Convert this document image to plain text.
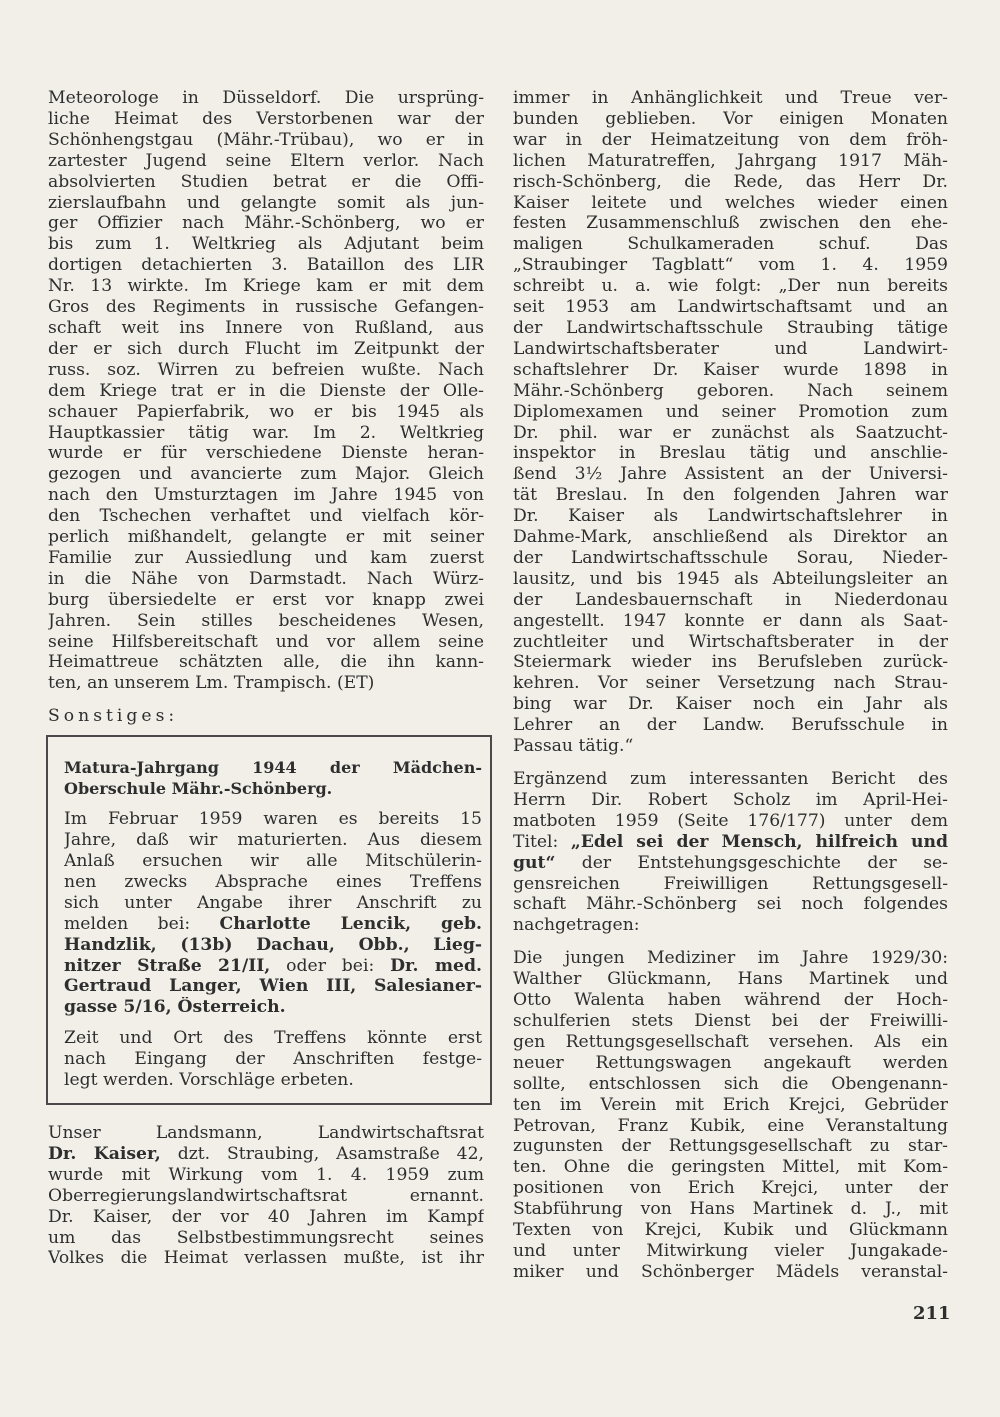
Meteorologe in Düsseldorf. Die ursprüng-
liche Heimat des Verstorbenen war der
Schönhengstgau (Mähr.-Trübau), wo er in
zartester Jugend seine Eltern verlor. Nach
absolvierten Studien betrat er die Offi-
zierslaufbahn und gelangte somit als jun-
ger Offizier nach Mähr.-Schönberg, wo er
bis zum 1. Weltkrieg als Adjutant beim
dortigen detachierten 3. Bataillon des LIR
Nr. 13 wirkte. Im Kriege kam er mit dem
Gros des Regiments in russische Gefangen-
schaft weit ins Innere von Rußland, aus
der er sich durch Flucht im Zeitpunkt der
russ. soz. Wirren zu befreien wußte. Nach
dem Kriege trat er in die Dienste der Olle-
schauer Papierfabrik, wo er bis 1945 als
Hauptkassier tätig war. Im 2. Weltkrieg
wurde er für verschiedene Dienste heran-
gezogen und avancierte zum Major. Gleich
nach den Umsturztagen im Jahre 1945 von
den Tschechen verhaftet und vielfach kör-
perlich mißhandelt, gelangte er mit seiner
Familie zur Aussiedlung und kam zuerst
in die Nähe von Darmstadt. Nach Würz-
burg übersiedelte er erst vor knapp zwei
Jahren. Sein stilles bescheidenes Wesen,
seine Hilfsbereitschaft und vor allem seine
Heimattreue schätzten alle, die ihn kann-
ten, an unserem Lm. Trampisch. (ET)
Sonstiges:
Matura-Jahrgang 1944 der Mädchen-
Oberschule Mähr.-Schönberg.
Im Februar 1959 waren es bereits 15
Jahre, daß wir maturierten. Aus diesem
Anlaß ersuchen wir alle Mitschülerin-
nen zwecks Absprache eines Treffens
sich unter Angabe ihrer Anschrift zu
melden bei: Charlotte Lencik, geb.
Handzlik, (13b) Dachau, Obb., Lieg-
nitzer Straße 21/II, oder bei: Dr. med.
Gertraud Langer, Wien III, Salesianer-
gasse 5/16, Österreich.
Zeit und Ort des Treffens könnte erst
nach Eingang der Anschriften festge-
legt werden. Vorschläge erbeten.
Unser Landsmann, Landwirtschaftsrat
Dr. Kaiser, dzt. Straubing, Asamstraße 42,
wurde mit Wirkung vom 1. 4. 1959 zum
Oberregierungslandwirtschaftsrat ernannt.
Dr. Kaiser, der vor 40 Jahren im Kampf
um das Selbstbestimmungsrecht seines
Volkes die Heimat verlassen mußte, ist ihr
immer in Anhänglichkeit und Treue ver-
bunden geblieben. Vor einigen Monaten
war in der Heimatzeitung von dem fröh-
lichen Maturatreffen, Jahrgang 1917 Mäh-
risch-Schönberg, die Rede, das Herr Dr.
Kaiser leitete und welches wieder einen
festen Zusammenschluß zwischen den ehe-
maligen Schulkameraden schuf. Das
„Straubinger Tagblatt“ vom 1. 4. 1959
schreibt u. a. wie folgt: „Der nun bereits
seit 1953 am Landwirtschaftsamt und an
der Landwirtschaftsschule Straubing tätige
Landwirtschaftsberater und Landwirt-
schaftslehrer Dr. Kaiser wurde 1898 in
Mähr.-Schönberg geboren. Nach seinem
Diplomexamen und seiner Promotion zum
Dr. phil. war er zunächst als Saatzucht-
inspektor in Breslau tätig und anschlie-
ßend 3½ Jahre Assistent an der Universi-
tät Breslau. In den folgenden Jahren war
Dr. Kaiser als Landwirtschaftslehrer in
Dahme-Mark, anschließend als Direktor an
der Landwirtschaftsschule Sorau, Nieder-
lausitz, und bis 1945 als Abteilungsleiter an
der Landesbauernschaft in Niederdonau
angestellt. 1947 konnte er dann als Saat-
zuchtleiter und Wirtschaftsberater in der
Steiermark wieder ins Berufsleben zurück-
kehren. Vor seiner Versetzung nach Strau-
bing war Dr. Kaiser noch ein Jahr als
Lehrer an der Landw. Berufsschule in
Passau tätig.“
Ergänzend zum interessanten Bericht des
Herrn Dir. Robert Scholz im April-Hei-
matboten 1959 (Seite 176/177) unter dem
Titel: „Edel sei der Mensch, hilfreich und
gut“ der Entstehungsgeschichte der se-
gensreichen Freiwilligen Rettungsgesell-
schaft Mähr.-Schönberg sei noch folgendes
nachgetragen:
Die jungen Mediziner im Jahre 1929/30:
Walther Glückmann, Hans Martinek und
Otto Walenta haben während der Hoch-
schulferien stets Dienst bei der Freiwilli-
gen Rettungsgesellschaft versehen. Als ein
neuer Rettungswagen angekauft werden
sollte, entschlossen sich die Obengenann-
ten im Verein mit Erich Krejci, Gebrüder
Petrovan, Franz Kubik, eine Veranstaltung
zugunsten der Rettungsgesellschaft zu star-
ten. Ohne die geringsten Mittel, mit Kom-
positionen von Erich Krejci, unter der
Stabführung von Hans Martinek d. J., mit
Texten von Krejci, Kubik und Glückmann
und unter Mitwirkung vieler Jungakade-
miker und Schönberger Mädels veranstal-
211
